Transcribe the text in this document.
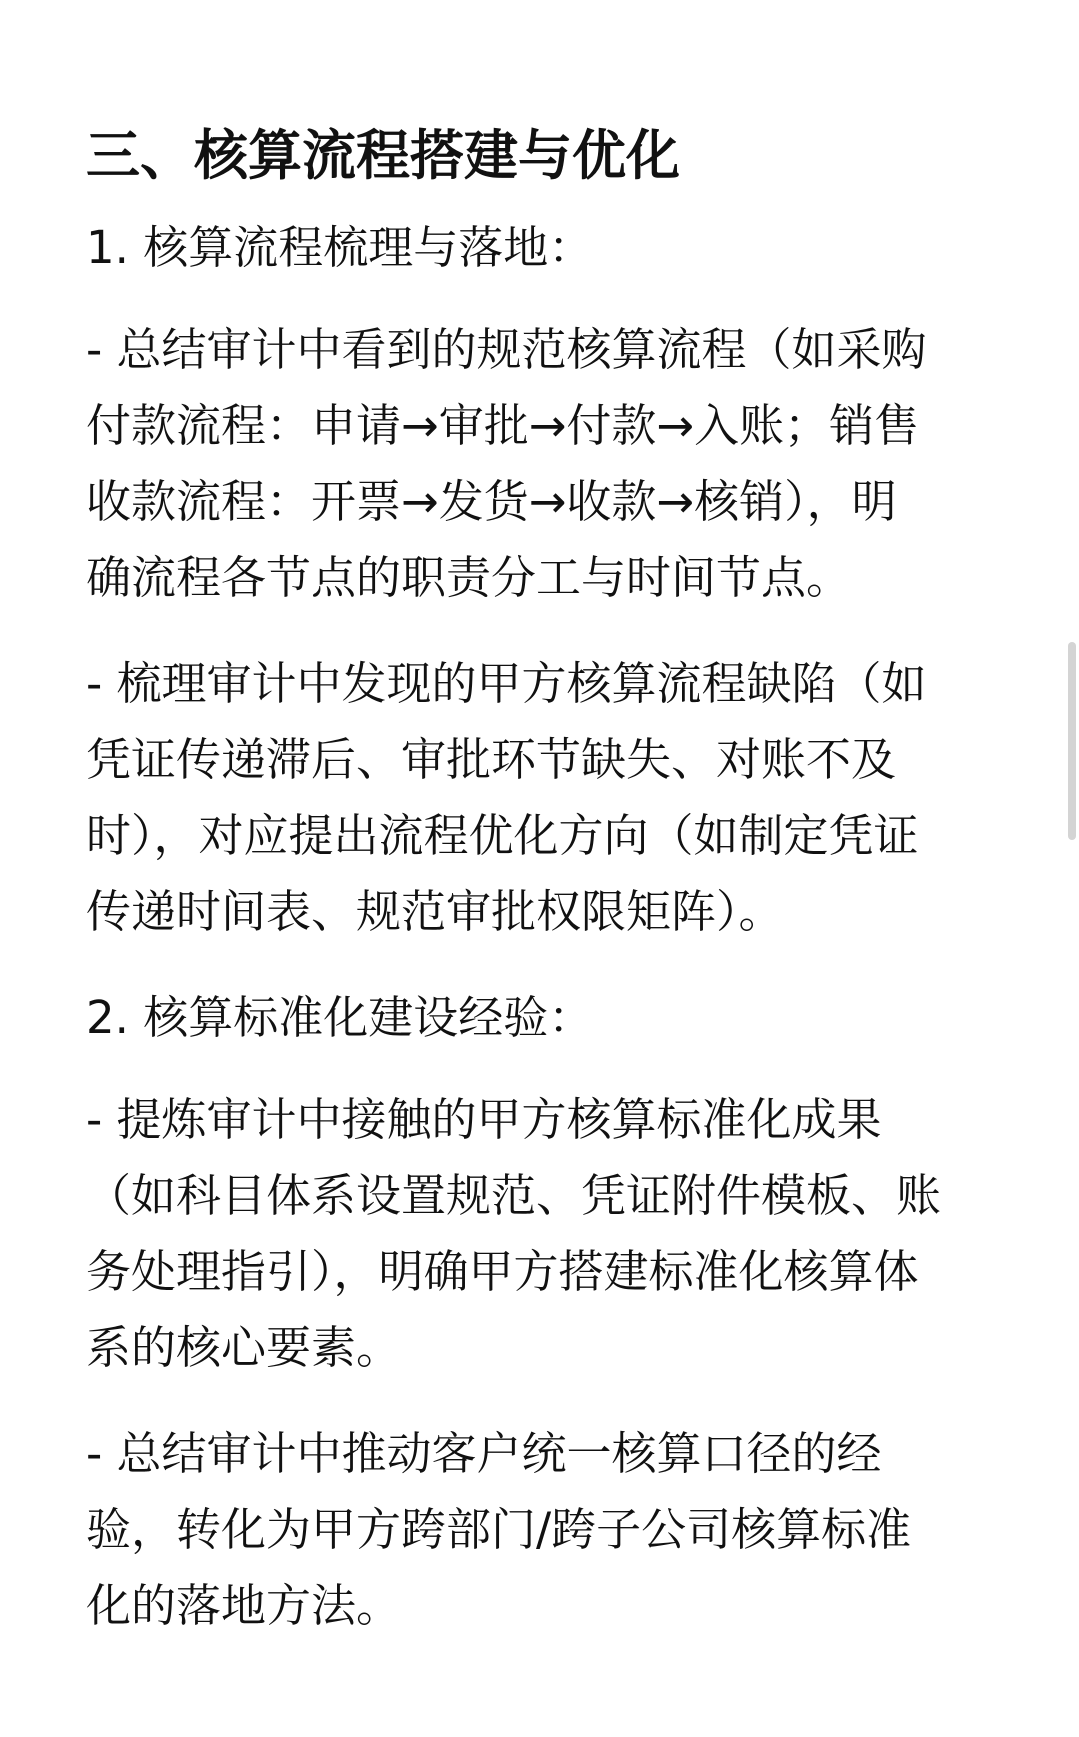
三、核算流程搭建与优化
1. 核算流程梳理与落地：
- 总结审计中看到的规范核算流程（如采购
付款流程：申请→审批→付款→入账；销售
收款流程：开票→发货→收款→核销），明
确流程各节点的职责分工与时间节点。
- 梳理审计中发现的甲方核算流程缺陷（如
凭证传递滞后、审批环节缺失、对账不及
时），对应提出流程优化方向（如制定凭证
传递时间表、规范审批权限矩阵）。
2. 核算标准化建设经验：
- 提炼审计中接触的甲方核算标准化成果
（如科目体系设置规范、凭证附件模板、账
务处理指引），明确甲方搭建标准化核算体
系的核心要素。
- 总结审计中推动客户统一核算口径的经
验，转化为甲方跨部门/跨子公司核算标准
化的落地方法。
